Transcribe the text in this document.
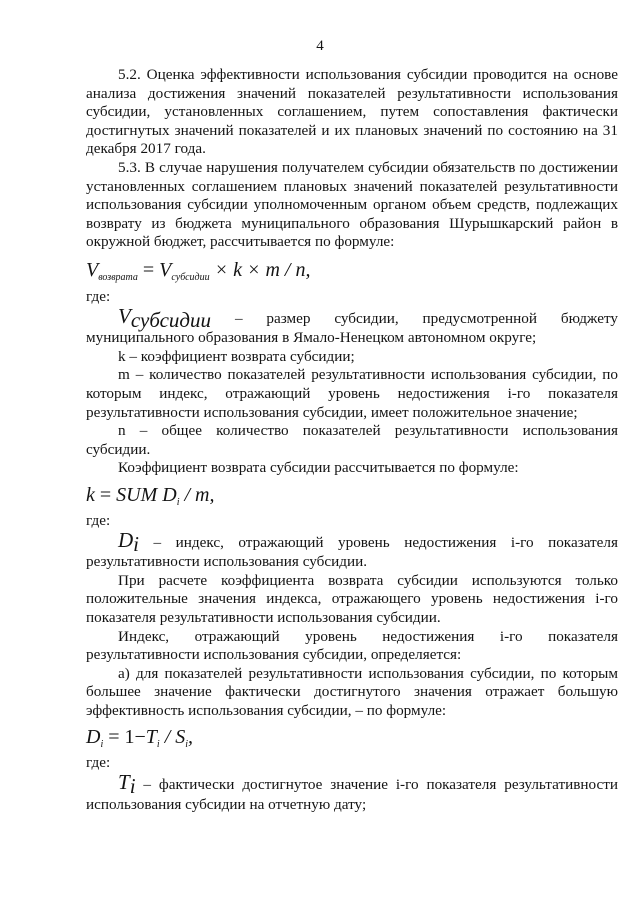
4

5.2. Оценка эффективности использования субсидии проводится на основе анализа достижения значений показателей результативности использования субсидии, установленных соглашением, путем сопоставления фактически достигнутых значений показателей и их плановых значений по состоянию на 31 декабря 2017 года.

5.3. В случае нарушения получателем субсидии обязательств по достижении установленных соглашением плановых значений показателей результативности использования субсидии уполномоченным органом объем средств, подлежащих возврату из бюджета муниципального образования Шурышкарский район в окружной бюджет, рассчитывается по формуле:

$V_{возврата} = V_{субсидии} \times k \times m / n$,

где:

$V_{субсидии}$ – размер субсидии, предусмотренной бюджету муниципального образования в Ямало-Ненецком автономном округе;

k – коэффициент возврата субсидии;

m – количество показателей результативности использования субсидии, по которым индекс, отражающий уровень недостижения i-го показателя результативности использования субсидии, имеет положительное значение;

n – общее количество показателей результативности использования субсидии.

Коэффициент возврата субсидии рассчитывается по формуле:

k = SUM $D_i$ / m,

где:

$D_i$ – индекс, отражающий уровень недостижения i-го показателя результативности использования субсидии.

При расчете коэффициента возврата субсидии используются только положительные значения индекса, отражающего уровень недостижения i-го показателя результативности использования субсидии.

Индекс, отражающий уровень недостижения i-го показателя результативности использования субсидии, определяется:

а) для показателей результативности использования субсидии, по которым большее значение фактически достигнутого значения отражает большую эффективность использования субсидии, – по формуле:

$D_i = 1-T_i / S_i$,

где:

$T_i$ – фактически достигнутое значение i-го показателя результативности использования субсидии на отчетную дату;
